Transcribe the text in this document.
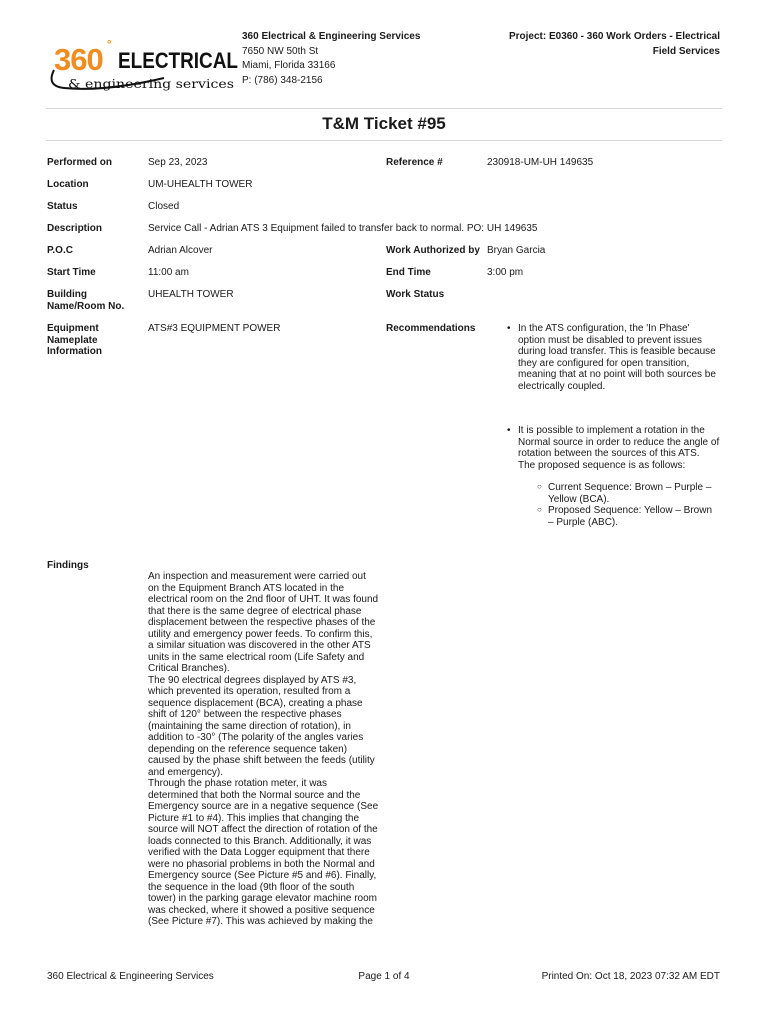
360 °
ELECTRICAL
& engineering services
360 Electrical & Engineering Services
7650 NW 50th St
Miami, Florida 33166
P: (786) 348-2156
Project: E0360 - 360 Work Orders - Electrical
Field Services
T&M Ticket #95
Performed on	Sep 23, 2023	Reference #	230918-UM-UH 149635
Location	UM-UHEALTH TOWER
Status	Closed
Description	Service Call - Adrian ATS 3 Equipment failed to transfer back to normal. PO: UH 149635
P.O.C	Adrian Alcover	Work Authorized by Bryan Garcia
Start Time	11:00 am	End Time	3:00 pm
Building
Name/Room No.
UHEALTH TOWER	Work Status
Equipment
Nameplate
Information
ATS#3 EQUIPMENT POWER	Recommendations	• In the ATS configuration, the 'In Phase'
option must be disabled to prevent issues
during load transfer. This is feasible because
they are configured for open transition,
meaning that at no point will both sources be
electrically coupled.
• It is possible to implement a rotation in the
Normal source in order to reduce the angle of
rotation between the sources of this ATS.
The proposed sequence is as follows:
○ Current Sequence: Brown – Purple –
Yellow (BCA).
○ Proposed Sequence: Yellow – Brown
– Purple (ABC).
Findings

An inspection and measurement were carried out

on the Equipment Branch ATS located in the

electrical room on the 2nd floor of UHT. It was found

that there is the same degree of electrical phase

displacement between the respective phases of the

utility and emergency power feeds. To confirm this,

a similar situation was discovered in the other ATS

units in the same electrical room (Life Safety and

Critical Branches).

The 90 electrical degrees displayed by ATS #3,

which prevented its operation, resulted from a

sequence displacement (BCA), creating a phase

shift of 120° between the respective phases

(maintaining the same direction of rotation), in

addition to -30° (The polarity of the angles varies

depending on the reference sequence taken)

caused by the phase shift between the feeds (utility

and emergency).

Through the phase rotation meter, it was

determined that both the Normal source and the

Emergency source are in a negative sequence (See

Picture #1 to #4). This implies that changing the

source will NOT affect the direction of rotation of the

loads connected to this Branch. Additionally, it was

verified with the Data Logger equipment that there

were no phasorial problems in both the Normal and

Emergency source (See Picture #5 and #6). Finally,

the sequence in the load (9th floor of the south

tower) in the parking garage elevator machine room

was checked, where it showed a positive sequence

(See Picture #7). This was achieved by making the

360 Electrical & Engineering Services	Page 1 of 4	Printed On: Oct 18, 2023 07:32 AM EDT
